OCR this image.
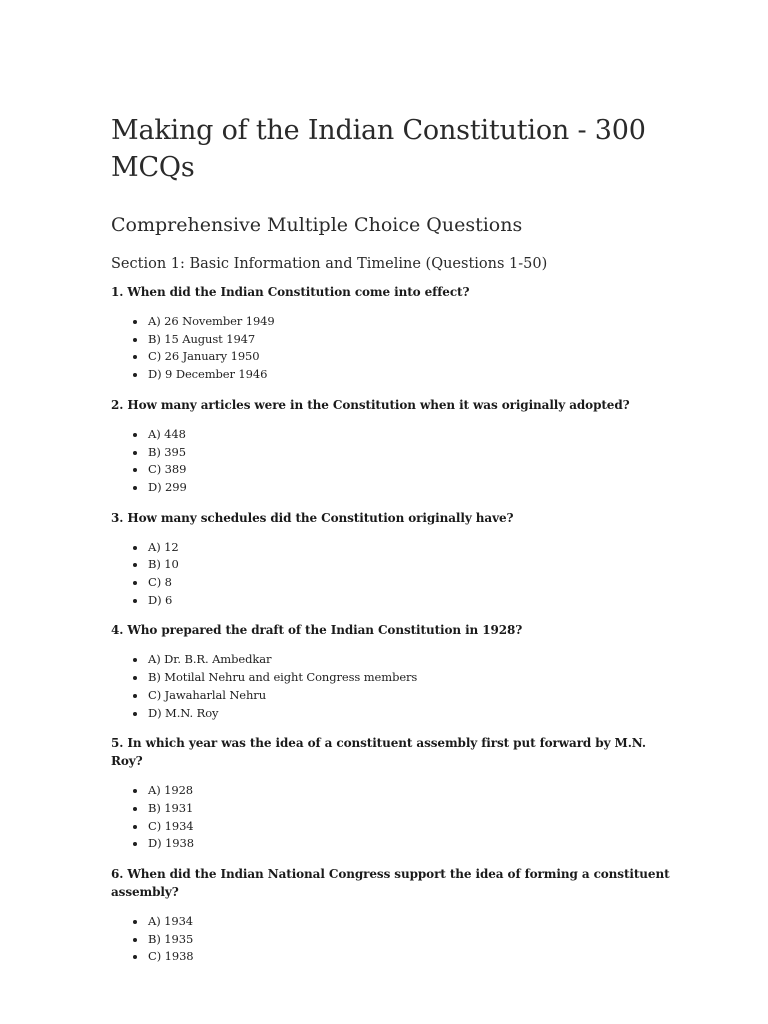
Making of the Indian Constitution - 300 MCQs
Comprehensive Multiple Choice Questions
Section 1: Basic Information and Timeline (Questions 1-50)

1. When did the Indian Constitution come into effect?

A) 26 November 1949
B) 15 August 1947
C) 26 January 1950
D) 9 December 1946

2. How many articles were in the Constitution when it was originally adopted?

A) 448
B) 395
C) 389
D) 299

3. How many schedules did the Constitution originally have?

A) 12
B) 10
C) 8
D) 6

4. Who prepared the draft of the Indian Constitution in 1928?

A) Dr. B.R. Ambedkar
B) Motilal Nehru and eight Congress members
C) Jawaharlal Nehru
D) M.N. Roy

5. In which year was the idea of a constituent assembly first put forward by M.N. Roy?

A) 1928
B) 1931
C) 1934
D) 1938

6. When did the Indian National Congress support the idea of forming a constituent assembly?

A) 1934
B) 1935
C) 1938
